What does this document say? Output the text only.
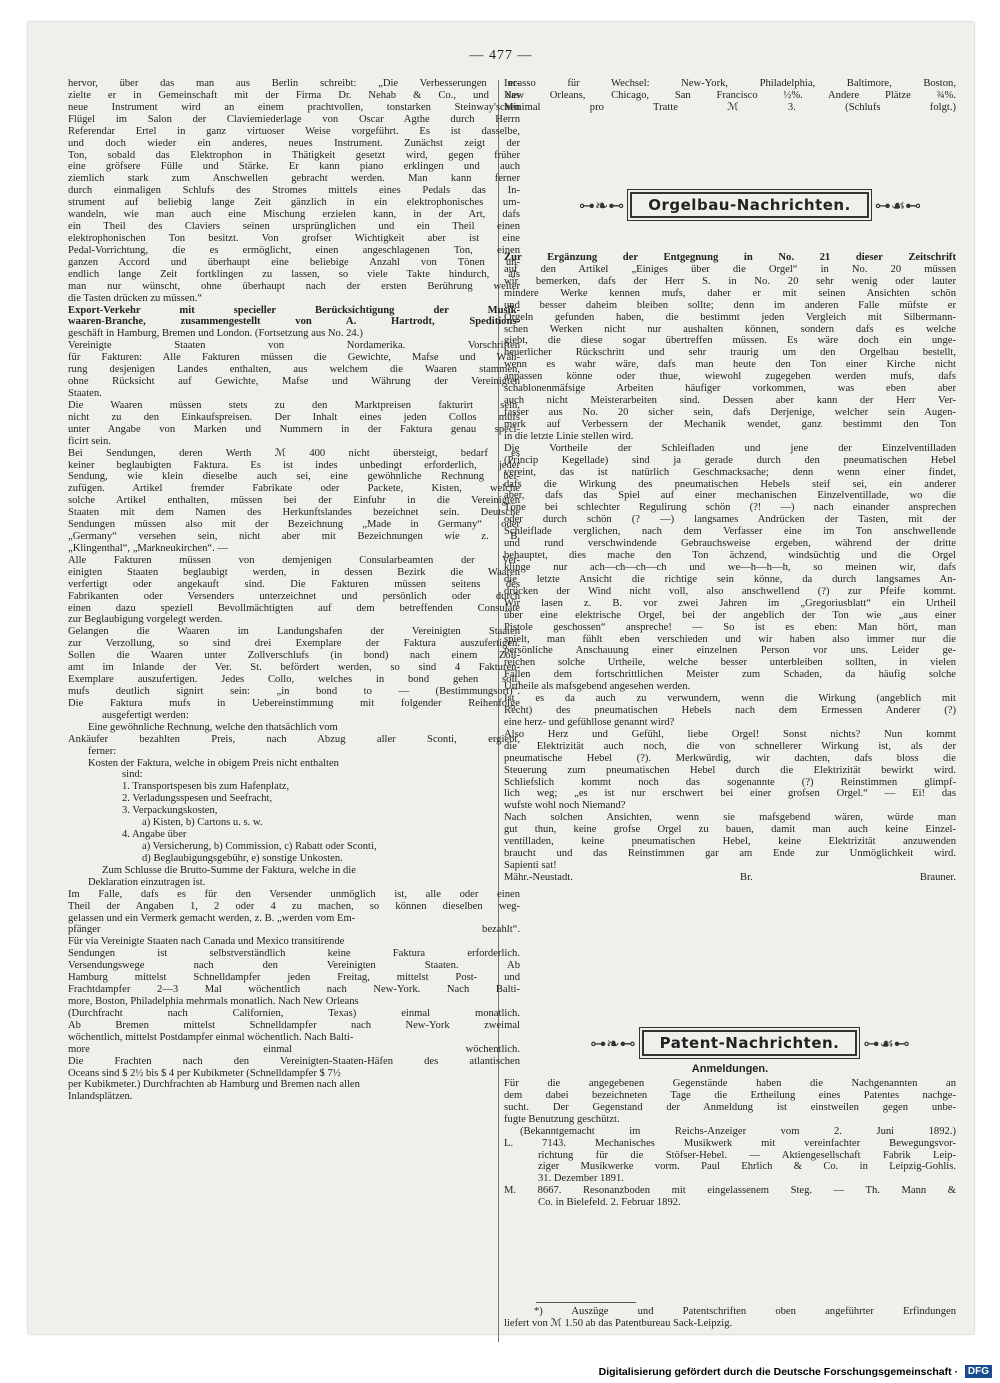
— 477 —
hervor, über das man aus Berlin schreibt: „Die Verbesserungen er-
zielte er in Gemeinschaft mit der Firma Dr. Nehab & Co., und das
neue Instrument wird an einem prachtvollen, tonstarken Steinway'schen
Flügel im Salon der Claviemiederlage von Oscar Agthe durch Herrn
Referendar Ertel in ganz virtuoser Weise vorgeführt. Es ist dasselbe,
und doch wieder ein anderes, neues Instrument. Zunächst zeigt der
Ton, sobald das Elektrophon in Thätigkeit gesetzt wird, gegen früher
eine gröfsere Fülle und Stärke. Er kann piano erklingen und auch
ziemlich stark zum Anschwellen gebracht werden. Man kann ferner
durch einmaligen Schlufs des Stromes mittels eines Pedals das In-
strument auf beliebig lange Zeit gänzlich in ein elektrophonisches um-
wandeln, wie man auch eine Mischung erzielen kann, in der Art, dafs
ein Theil des Claviers seinen ursprünglichen und ein Theil einen
elektrophonischen Ton besitzt. Von grofser Wichtigkeit aber ist eine
Pedal-Vorrichtung, die es ermöglicht, einen angeschlagenen Ton, einen
ganzen Accord und überhaupt eine beliebige Anzahl von Tönen un-
endlich lange Zeit fortklingen zu lassen, so viele Takte hindurch, als
man nur wünscht, ohne überhaupt nach der ersten Berührung weiter
die Tasten drücken zu müssen.“
Export-Verkehr mit specieller Berücksichtigung der Musik-
waaren-Branche, zusammengestellt von A. Hartrodt, Speditions-
geschäft in Hamburg, Bremen und London. (Fortsetzung aus No. 24.)
Vereinigte Staaten von Nordamerika. Vorschriften
für Fakturen: Alle Fakturen müssen die Gewichte, Mafse und Wäh-
rung desjenigen Landes enthalten, aus welchem die Waaren stammen,
ohne Rücksicht auf Gewichte, Mafse und Währung der Vereinigten
Staaten.
Die Waaren müssen stets zu den Marktpreisen fakturirt sein,
nicht zu den Einkaufspreisen. Der Inhalt eines jeden Collos mufs
unter Angabe von Marken und Nummern in der Faktura genau speci-
ficirt sein.
Bei Sendungen, deren Werth ℳ 400 nicht übersteigt, bedarf es
keiner beglaubigten Faktura. Es ist indes unbedingt erforderlich, jeder
Sendung, wie klein dieselbe auch sei, eine gewöhnliche Rechnung bei-
zufügen. Artikel fremder Fabrikate oder Packete, Kisten, welche
solche Artikel enthalten, müssen bei der Einfuhr in die Vereinigten
Staaten mit dem Namen des Herkunftslandes bezeichnet sein. Deutsche
Sendungen müssen also mit der Bezeichnung „Made in Germany“ oder
„Germany“ versehen sein, nicht aber mit Bezeichnungen wie z. B.
„Klingenthal“, „Markneukirchen“. —
Alle Fakturen müssen von demjenigen Consularbeamten der Ver-
einigten Staaten beglaubigt werden, in dessen Bezirk die Waaren
verfertigt oder angekauft sind. Die Fakturen müssen seitens des
Fabrikanten oder Versenders unterzeichnet und persönlich oder durch
einen dazu speziell Bevollmächtigten auf dem betreffenden Consulate
zur Beglaubigung vorgelegt werden.
Gelangen die Waaren im Landungshafen der Vereinigten Staaten
zur Verzollung, so sind drei Exemplare der Faktura auszufertigen.
Sollen die Waaren unter Zollverschlufs (in bond) nach einem Zoll-
amt im Inlande der Ver. St. befördert werden, so sind 4 Fakturen-
Exemplare auszufertigen. Jedes Collo, welches in bond gehen soll,
mufs deutlich signirt sein: „in bond to — (Bestimmungsort)“.
Die Faktura mufs in Uebereinstimmung mit folgender Reihenfolge
ausgefertigt werden:
Eine gewöhnliche Rechnung, welche den thatsächlich vom
Ankäufer bezahlten Preis, nach Abzug aller Sconti, ergiebt,
ferner:
Kosten der Faktura, welche in obigem Preis nicht enthalten
sind:
1. Transportspesen bis zum Hafenplatz,
2. Verladungsspesen und Seefracht,
3. Verpackungskosten,
a) Kisten, b) Cartons u. s. w.
4. Angabe über
a) Versicherung, b) Commission, c) Rabatt oder Sconti,
d) Beglaubigungsgebühr, e) sonstige Unkosten.
Zum Schlusse die Brutto-Summe der Faktura, welche in die
Deklaration einzutragen ist.
Im Falle, dafs es für den Versender unmöglich ist, alle oder einen
Theil der Angaben 1, 2 oder 4 zu machen, so können dieselben weg-
gelassen und ein Vermerk gemacht werden, z. B. „werden vom Em-
pfänger bezahlt“.
Für via Vereinigte Staaten nach Canada und Mexico transitirende
Sendungen ist selbstverständlich keine Faktura erforderlich.
Versendungswege nach den Vereinigten Staaten. Ab
Hamburg mittelst Schnelldampfer jeden Freitag, mittelst Post- und
Frachtdampfer 2—3 Mal wöchentlich nach New-York. Nach Balti-
more, Boston, Philadelphia mehrmals monatlich. Nach New Orleans
(Durchfracht nach Californien, Texas) einmal monatlich.
Ab Bremen mittelst Schnelldampfer nach New-York zweimal
wöchentlich, mittelst Postdampfer einmal wöchentlich. Nach Balti-
more einmal wöchentlich.
Die Frachten nach den Vereinigten-Staaten-Häfen des atlantischen
Oceans sind $ 2½ bis $ 4 per Kubikmeter (Schnelldampfer $ 7½
per Kubikmeter.) Durchfrachten ab Hamburg und Bremen nach allen
Inlandsplätzen.
Incasso für Wechsel: New-York, Philadelphia, Baltimore, Boston,
New Orleans, Chicago, San Francisco ½%. Andere Plätze ¾%.
Minimal pro Tratte ℳ 3. (Schlufs folgt.)
Zur Ergänzung der Entgegnung in No. 21 dieser Zeitschrift
auf den Artikel „Einiges über die Orgel“ in No. 20 müssen
wir bemerken, dafs der Herr S. in No. 20 sehr wenig oder lauter
mindere Werke kennen mufs, daher er mit seinen Ansichten schön
und besser daheim bleiben sollte; denn im anderen Falle müfste er
Orgeln gefunden haben, die bestimmt jeden Vergleich mit Silbermann-
schen Werken nicht nur aushalten können, sondern dafs es welche
giebt, die diese sogar übertreffen müssen. Es wäre doch ein unge-
heuerlicher Rückschritt und sehr traurig um den Orgelbau bestellt,
wenn es wahr wäre, dafs man heute den Ton einer Kirche nicht
anpassen könne oder thue, wiewohl zugegeben werden mufs, dafs
schablonenmäfsige Arbeiten häufiger vorkommen, was eben aber
auch nicht Meisterarbeiten sind. Dessen aber kann der Herr Ver-
fasser aus No. 20 sicher sein, dafs Derjenige, welcher sein Augen-
merk auf Verbessern der Mechanik wendet, ganz bestimmt den Ton
in die letzte Linie stellen wird.
Die Vortheile der Schleifladen und jene der Einzelventilladen
(Princip Kegellade) sind ja gerade durch den pneumatischen Hebel
vereint, das ist natürlich Geschmacksache; denn wenn einer findet,
dafs die Wirkung des pneumatischen Hebels steif sei, ein anderer
aber, dafs das Spiel auf einer mechanischen Einzelventillade, wo die
Töne bei schlechter Regulirung schön (?! —) nach einander ansprechen
oder durch schön (? —) langsames Andrücken der Tasten, mit der
Schleiflade verglichen, nach dem Verfasser eine im Ton anschwellende
und rund verschwindende Gebrauchsweise ergeben, während der dritte
behauptet, dies mache den Ton ächzend, windsüchtig und die Orgel
klinge nur ach—ch—ch—ch und we—h—h—h, so meinen wir, dafs
die letzte Ansicht die richtige sein könne, da durch langsames An-
drücken der Wind nicht voll, also anschwellend (?) zur Pfeife kommt.
Wir lasen z. B. vor zwei Jahren im „Gregoriusblatt“ ein Urtheil
über eine elektrische Orgel, bei der angeblich der Ton wie „aus einer
Pistole geschossen“ anspreche! — So ist es eben: Man hört, man
spielt, man fühlt eben verschieden und wir haben also immer nur die
persönliche Anschauung einer einzelnen Person vor uns. Leider ge-
reichen solche Urtheile, welche besser unterbleiben sollten, in vielen
Fällen dem fortschrittlichen Meister zum Schaden, da häufig solche
Urtheile als mafsgebend angesehen werden.
Ist es da auch zu verwundern, wenn die Wirkung (angeblich mit
Recht) des pneumatischen Hebels nach dem Ermessen Anderer (?)
eine herz- und gefühllose genannt wird?
Also Herz und Gefühl, liebe Orgel! Sonst nichts? Nun kommt
die Elektrizität auch noch, die von schnellerer Wirkung ist, als der
pneumatische Hebel (?). Merkwürdig, wir dachten, dafs bloss die
Steuerung zum pneumatischen Hebel durch die Elektrizität bewirkt wird.
Schliefslich kommt noch das sogenannte (?) Reinstimmen glimpf-
lich weg; „es ist nur erschwert bei einer grofsen Orgel.“ — Ei! das
wufste wohl noch Niemand?
Nach solchen Ansichten, wenn sie mafsgebend wären, würde man
gut thun, keine grofse Orgel zu bauen, damit man auch keine Einzel-
ventilladen, keine pneumatischen Hebel, keine Elektrizität anzuwenden
braucht und das Reinstimmen gar am Ende zur Unmöglichkeit wird.
Sapienti sat!
Mähr.-Neustadt. Br. Brauner.
Für die angegebenen Gegenstände haben die Nachgenannten an
dem dabei bezeichneten Tage die Ertheilung eines Patentes nachge-
sucht. Der Gegenstand der Anmeldung ist einstweilen gegen unbe-
fugte Benutzung geschützt.
(Bekanntgemacht im Reichs-Anzeiger vom 2. Juni 1892.)
L. 7143. Mechanisches Musikwerk mit vereinfachter Bewegungsvor-
richtung für die Stöfser-Hebel. — Aktiengesellschaft Fabrik Leip-
ziger Musikwerke vorm. Paul Ehrlich & Co. in Leipzig-Gohlis.
31. Dezember 1891.
M. 8667. Resonanzboden mit eingelassenem Steg. — Th. Mann &
Co. in Bielefeld. 2. Februar 1892.
*) Auszüge und Patentschriften oben angeführter Erfindungen
liefert von ℳ 1.50 ab das Patentbureau Sack-Leipzig.
⊶❧⊷	Orgelbau-Nachrichten.	⊶☙⊷
⊶❧⊷	Patent-Nachrichten.	⊶☙⊷
Anmeldungen.
Digitalisierung gefördert durch die Deutsche Forschungsgemeinschaft · DFG
